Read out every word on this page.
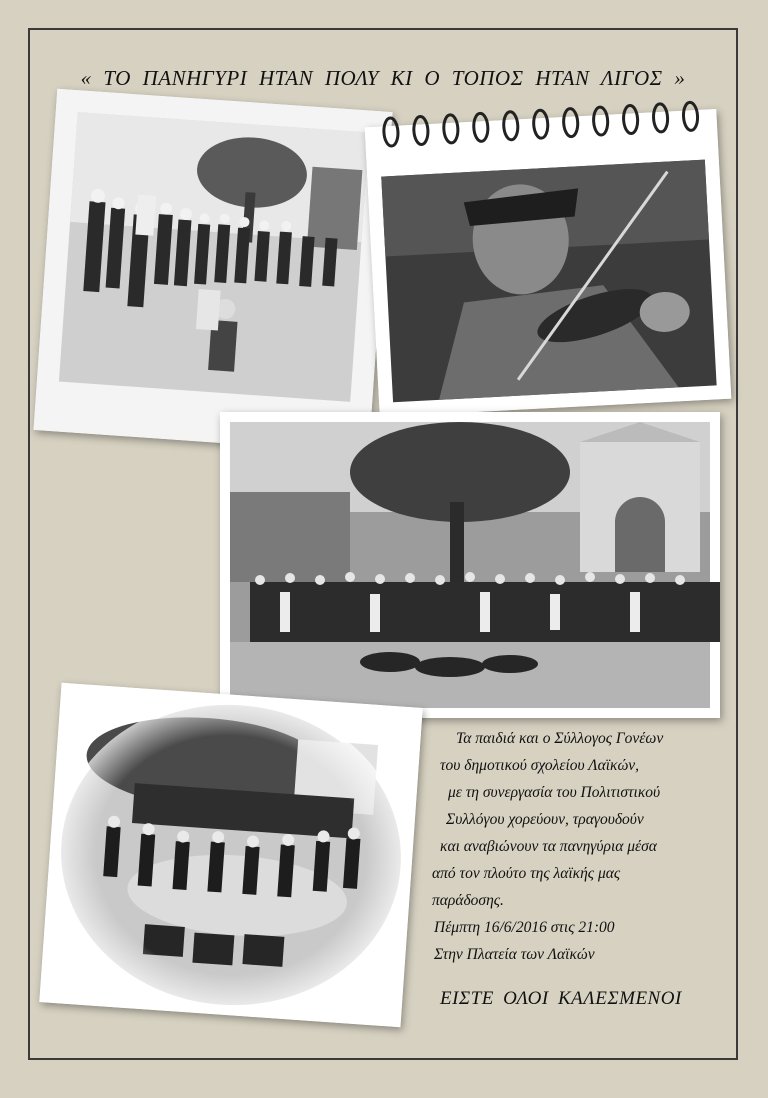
« ΤΟ ΠΑΝΗΓΥΡΙ ΗΤΑΝ ΠΟΛΥ ΚΙ Ο ΤΟΠΟΣ ΗΤΑΝ ΛΙΓΟΣ »
Τα παιδιά και ο Σύλλογος Γονέων
του δημοτικού σχολείου Λαϊκών,
με τη συνεργασία του Πολιτιστικού
Συλλόγου χορεύουν, τραγουδούν
και αναβιώνουν τα πανηγύρια μέσα
από τον πλούτο της λαϊκής μας
παράδοσης.
Πέμπτη 16/6/2016 στις 21:00
Στην Πλατεία των Λαϊκών
ΕΙΣΤΕ ΟΛΟΙ ΚΑΛΕΣΜΕΝΟΙ
